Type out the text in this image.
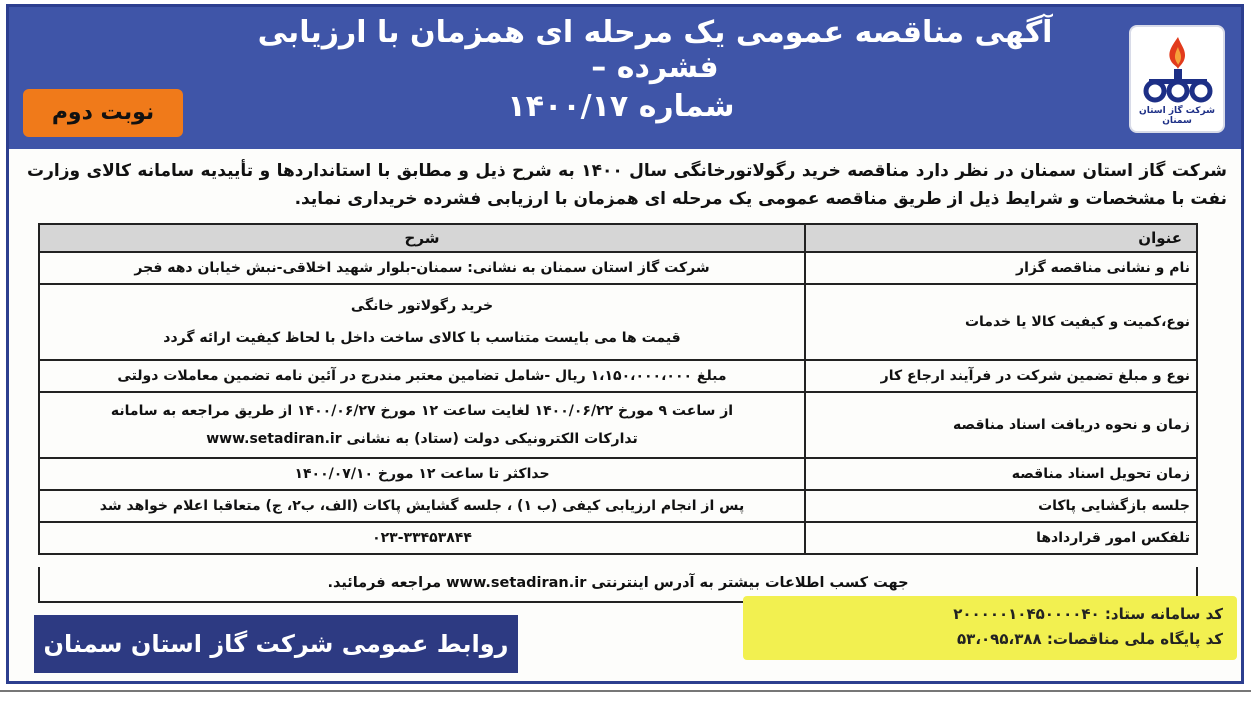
شرکت گاز استان سمنان
آگهی مناقصه عمومی یک مرحله ای همزمان با ارزیابی فشرده –
شماره ۱۴۰۰/۱۷
نوبت دوم
شرکت گاز استان سمنان در نظر دارد مناقصه خرید رگولاتورخانگی سال ۱۴۰۰ به شرح ذیل و مطابق با استانداردها و تأییدیه سامانه کالای وزارت نفت با مشخصات و شرایط ذیل از طریق مناقصه عمومی یک مرحله ای همزمان با ارزیابی فشرده خریداری نماید.
عنوان	شرح
نام و نشانی مناقصه گزار	شرکت گاز استان سمنان به نشانی: سمنان-بلوار شهید اخلاقی-نبش خیابان دهه فجر
نوع،کمیت و کیفیت کالا یا خدمات	خرید رگولاتور خانگی
قیمت ها می بایست متناسب با کالای ساخت داخل با لحاظ کیفیت ارائه گردد

نوع و مبلغ تضمین شرکت در فرآیند ارجاع کار	مبلغ ۱،۱۵۰،۰۰۰،۰۰۰ ریال -شامل تضامین معتبر مندرج در آئین نامه تضمین معاملات دولتی
زمان و نحوه دریافت اسناد مناقصه	از ساعت ۹ مورخ ۱۴۰۰/۰۶/۲۲ لغایت ساعت ۱۲ مورخ ۱۴۰۰/۰۶/۲۷ از طریق مراجعه به سامانه
تدارکات الکترونیکی دولت (ستاد) به نشانی www.setadiran.ir

زمان تحویل اسناد مناقصه	حداکثر تا ساعت ۱۲ مورخ ۱۴۰۰/۰۷/۱۰
جلسه بازگشایی پاکات	پس از انجام ارزیابی کیفی (ب ۱) ، جلسه گشایش پاکات (الف، ب۲، ج) متعاقبا اعلام خواهد شد
تلفکس امور قراردادها	۰۲۳-۳۳۴۵۳۸۴۴
جهت کسب اطلاعات بیشتر به آدرس اینترنتی www.setadiran.ir مراجعه فرمائید.
کد سامانه ستاد: ۲۰۰۰۰۰۱۰۴۵۰۰۰۰۴۰
کد پایگاه ملی مناقصات: ۵۳،۰۹۵،۳۸۸
روابط عمومی شرکت گاز استان سمنان
